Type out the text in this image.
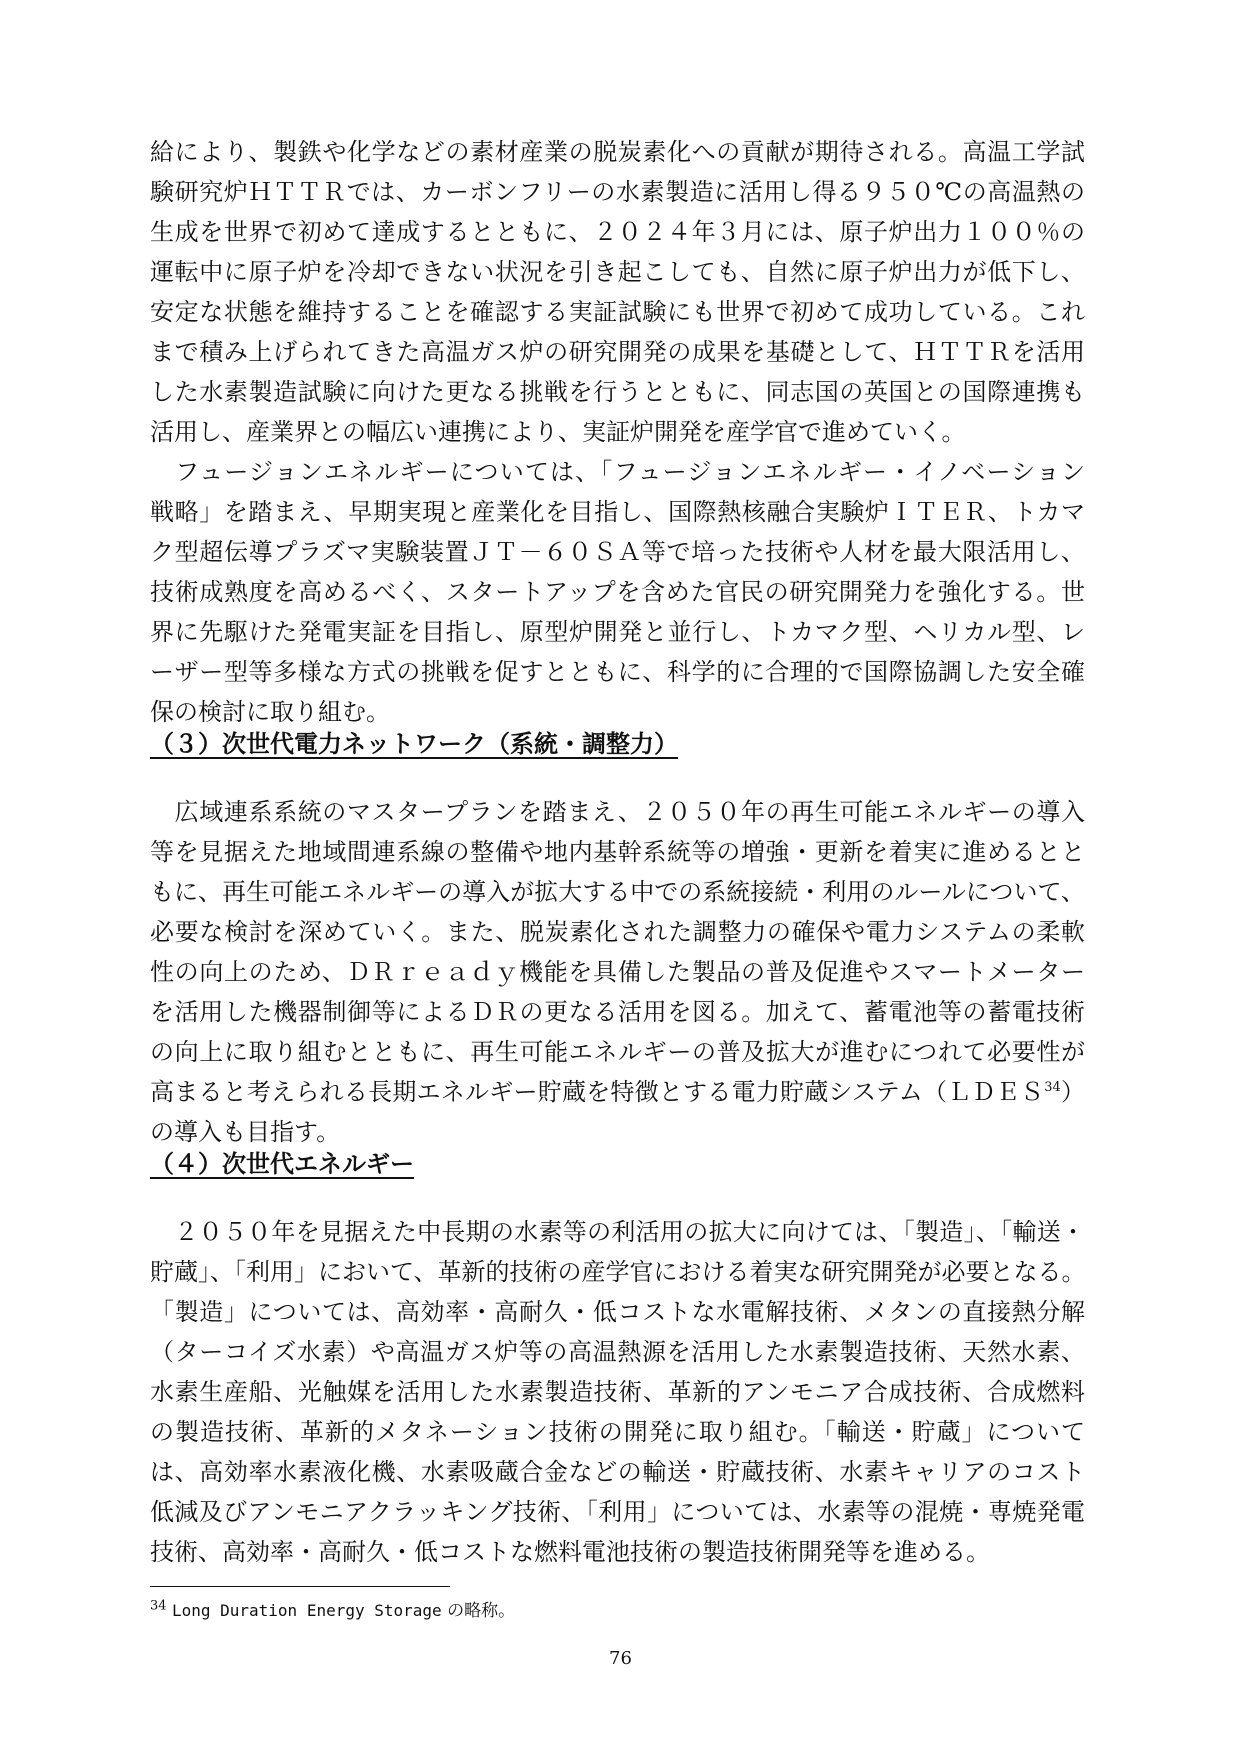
給により、製鉄や化学などの素材産業の脱炭素化への貢献が期待される。高温工学試
験研究炉ＨＴＴＲでは、カーボンフリーの水素製造に活用し得る９５０℃の高温熱の
生成を世界で初めて達成するとともに、２０２４年３月には、原子炉出力１００％の
運転中に原子炉を冷却できない状況を引き起こしても、自然に原子炉出力が低下し、
安定な状態を維持することを確認する実証試験にも世界で初めて成功している。これ
まで積み上げられてきた高温ガス炉の研究開発の成果を基礎として、ＨＴＴＲを活用
した水素製造試験に向けた更なる挑戦を行うとともに、同志国の英国との国際連携も
活用し、産業界との幅広い連携により、実証炉開発を産学官で進めていく。
　フュージョンエネルギーについては、「フュージョンエネルギー・イノベーション
戦略」を踏まえ、早期実現と産業化を目指し、国際熱核融合実験炉ＩＴＥＲ、トカマ
ク型超伝導プラズマ実験装置ＪＴ－６０ＳＡ等で培った技術や人材を最大限活用し、
技術成熟度を高めるべく、スタートアップを含めた官民の研究開発力を強化する。世
界に先駆けた発電実証を目指し、原型炉開発と並行し、トカマク型、ヘリカル型、レ
ーザー型等多様な方式の挑戦を促すとともに、科学的に合理的で国際協調した安全確
保の検討に取り組む。
（３）次世代電力ネットワーク（系統・調整力）
　広域連系系統のマスタープランを踏まえ、２０５０年の再生可能エネルギーの導入
等を見据えた地域間連系線の整備や地内基幹系統等の増強・更新を着実に進めるとと
もに、再生可能エネルギーの導入が拡大する中での系統接続・利用のルールについて、
必要な検討を深めていく。また、脱炭素化された調整力の確保や電力システムの柔軟
性の向上のため、ＤＲｒｅａｄｙ機能を具備した製品の普及促進やスマートメーター
を活用した機器制御等によるＤＲの更なる活用を図る。加えて、蓄電池等の蓄電技術
の向上に取り組むとともに、再生可能エネルギーの普及拡大が進むにつれて必要性が
高まると考えられる長期エネルギー貯蔵を特徴とする電力貯蔵システム（ＬＤＥＳ$^{34}$）
の導入も目指す。
（４）次世代エネルギー
　２０５０年を見据えた中長期の水素等の利活用の拡大に向けては、「製造」、「輸送・
貯蔵」、「利用」において、革新的技術の産学官における着実な研究開発が必要となる。
「製造」については、高効率・高耐久・低コストな水電解技術、メタンの直接熱分解
（ターコイズ水素）や高温ガス炉等の高温熱源を活用した水素製造技術、天然水素、
水素生産船、光触媒を活用した水素製造技術、革新的アンモニア合成技術、合成燃料
の製造技術、革新的メタネーション技術の開発に取り組む。「輸送・貯蔵」について
は、高効率水素液化機、水素吸蔵合金などの輸送・貯蔵技術、水素キャリアのコスト
低減及びアンモニアクラッキング技術、「利用」については、水素等の混焼・専焼発電
技術、高効率・高耐久・低コストな燃料電池技術の製造技術開発等を進める。

$^{34}$ Long Duration Energy Storage の略称。

76
